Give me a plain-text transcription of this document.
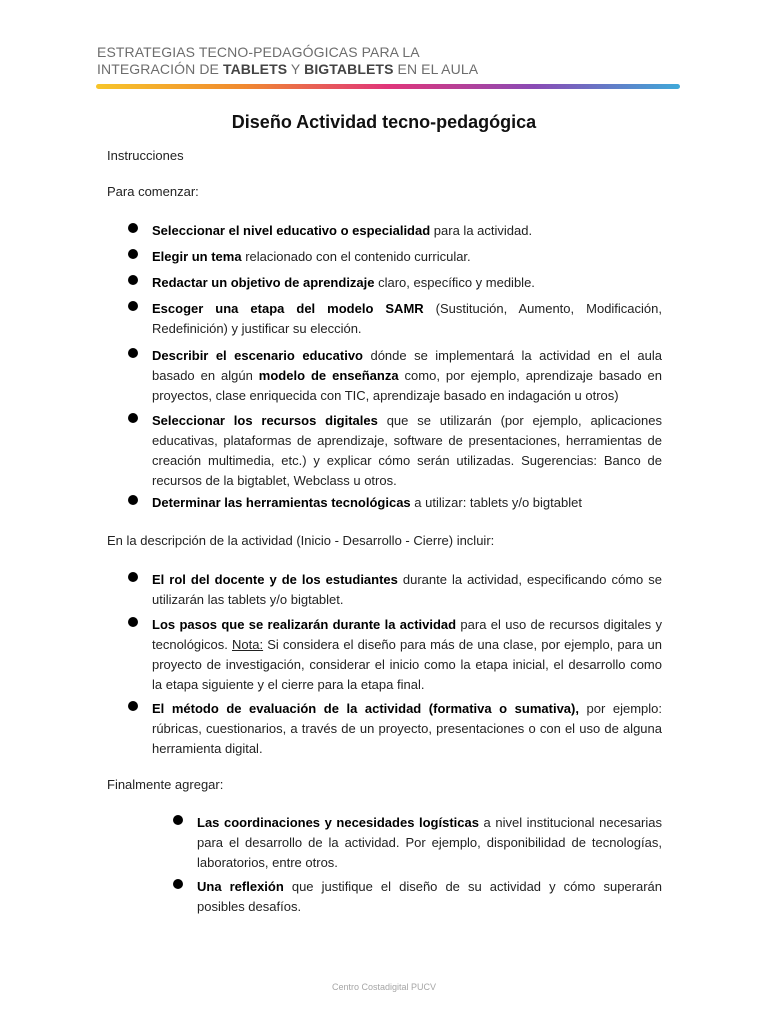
ESTRATEGIAS TECNO-PEDAGÓGICAS PARA LA
INTEGRACIÓN DE TABLETS Y BIGTABLETS EN EL AULA
Diseño Actividad tecno-pedagógica
Instrucciones
Para comenzar:
Seleccionar el nivel educativo o especialidad para la actividad.
Elegir un tema relacionado con el contenido curricular.
Redactar un objetivo de aprendizaje claro, específico y medible.
Escoger una etapa del modelo SAMR (Sustitución, Aumento, Modificación, Redefinición) y justificar su elección.
Describir el escenario educativo dónde se implementará la actividad en el aula basado en algún modelo de enseñanza como, por ejemplo, aprendizaje basado en proyectos, clase enriquecida con TIC, aprendizaje basado en indagación u otros)
Seleccionar los recursos digitales que se utilizarán (por ejemplo, aplicaciones educativas, plataformas de aprendizaje, software de presentaciones, herramientas de creación multimedia, etc.) y explicar cómo serán utilizadas. Sugerencias: Banco de recursos de la bigtablet, Webclass u otros.
Determinar las herramientas tecnológicas a utilizar: tablets y/o bigtablet
En la descripción de la actividad (Inicio - Desarrollo - Cierre) incluir:
El rol del docente y de los estudiantes durante la actividad, especificando cómo se utilizarán las tablets y/o bigtablet.
Los pasos que se realizarán durante la actividad para el uso de recursos digitales y tecnológicos. Nota: Si considera el diseño para más de una clase, por ejemplo, para un proyecto de investigación, considerar el inicio como la etapa inicial, el desarrollo como la etapa siguiente y el cierre para la etapa final.
El método de evaluación de la actividad (formativa o sumativa), por ejemplo: rúbricas, cuestionarios, a través de un proyecto, presentaciones o con el uso de alguna herramienta digital.
Finalmente agregar:
Las coordinaciones y necesidades logísticas a nivel institucional necesarias para el desarrollo de la actividad. Por ejemplo, disponibilidad de tecnologías, laboratorios, entre otros.
Una reflexión que justifique el diseño de su actividad y cómo superarán posibles desafíos.
Centro Costadigital PUCV
